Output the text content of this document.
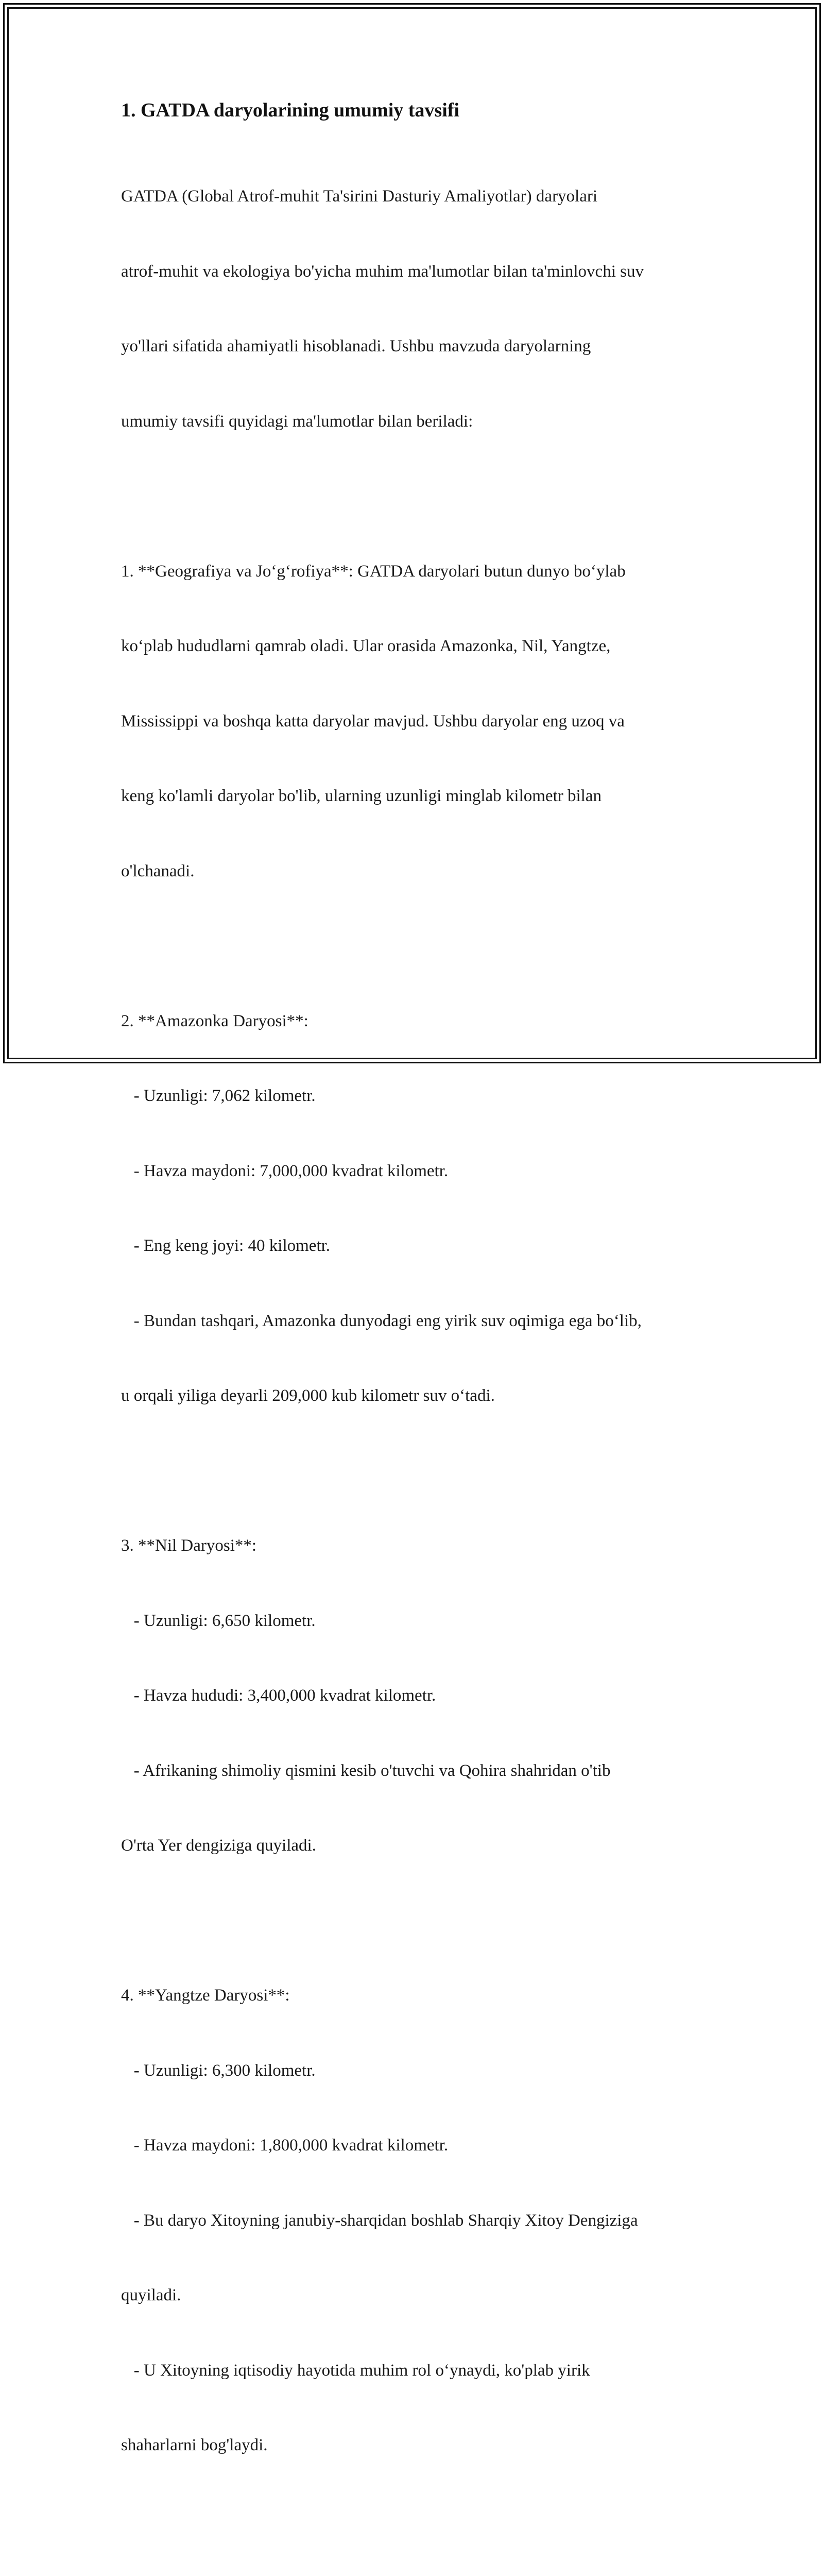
1. GATDA daryolarining umumiy tavsifi

GATDA (Global Atrof-muhit Ta'sirini Dasturiy Amaliyotlar) daryolari

atrof-muhit va ekologiya bo'yicha muhim ma'lumotlar bilan ta'minlovchi suv

yo'llari sifatida ahamiyatli hisoblanadi. Ushbu mavzuda daryolarning

umumiy tavsifi quyidagi ma'lumotlar bilan beriladi:

1. **Geografiya va Jo‘g‘rofiya**: GATDA daryolari butun dunyo bo‘ylab

ko‘plab hududlarni qamrab oladi. Ular orasida Amazonka, Nil, Yangtze,

Mississippi va boshqa katta daryolar mavjud. Ushbu daryolar eng uzoq va

keng ko'lamli daryolar bo'lib, ularning uzunligi minglab kilometr bilan

o'lchanadi.

2. **Amazonka Daryosi**:

- Uzunligi: 7,062 kilometr.

- Havza maydoni: 7,000,000 kvadrat kilometr.

- Eng keng joyi: 40 kilometr.

- Bundan tashqari, Amazonka dunyodagi eng yirik suv oqimiga ega bo‘lib,

u orqali yiliga deyarli 209,000 kub kilometr suv o‘tadi.

3. **Nil Daryosi**:

- Uzunligi: 6,650 kilometr.

- Havza hududi: 3,400,000 kvadrat kilometr.

- Afrikaning shimoliy qismini kesib o'tuvchi va Qohira shahridan o'tib

O'rta Yer dengiziga quyiladi.

4. **Yangtze Daryosi**:

- Uzunligi: 6,300 kilometr.

- Havza maydoni: 1,800,000 kvadrat kilometr.

- Bu daryo Xitoyning janubiy-sharqidan boshlab Sharqiy Xitoy Dengiziga

quyiladi.

- U Xitoyning iqtisodiy hayotida muhim rol o‘ynaydi, ko'plab yirik

shaharlarni bog'laydi.
